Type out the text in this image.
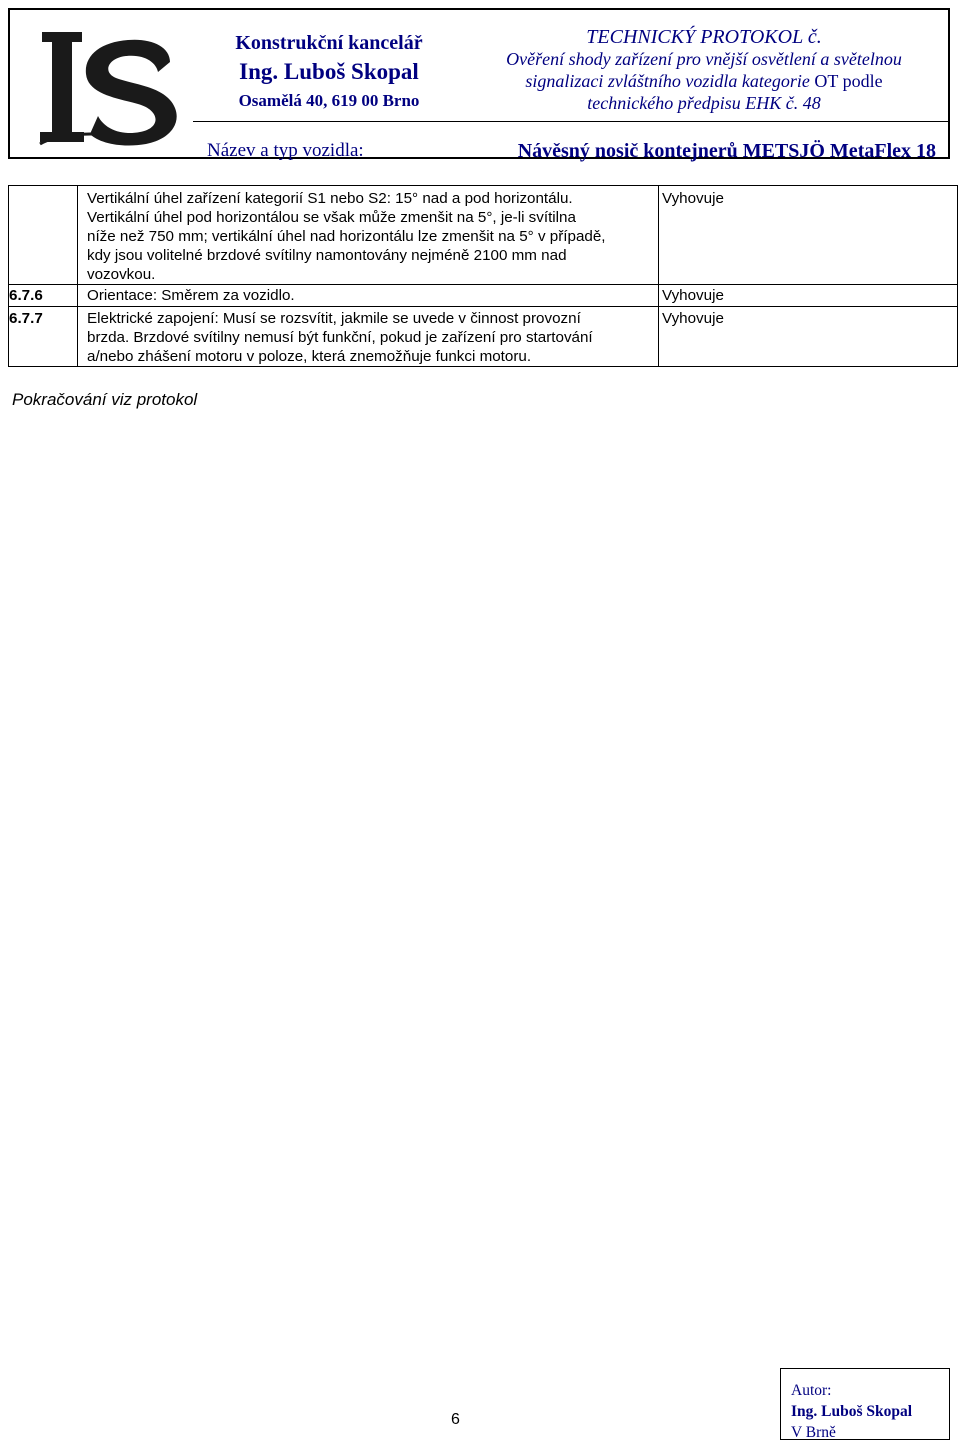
Konstrukční kancelář
Ing. Luboš Skopal
Osamělá 40, 619 00 Brno
TECHNICKÝ PROTOKOL č.
Ověření shody zařízení pro vnější osvětlení a světelnou
signalizaci zvláštního vozidla kategorie OT podle
technického předpisu EHK č. 48
Název a typ vozidla:	Návěsný nosič kontejnerů METSJÖ MetaFlex 18

	Vertikální úhel zařízení kategorií S1 nebo S2: 15° nad a pod horizontálu.
Vertikální úhel pod horizontálou se však může zmenšit na 5°, je-li svítilna
níže než 750 mm; vertikální úhel nad horizontálu lze zmenšit na 5° v případě,
kdy jsou volitelné brzdové svítilny namontovány nejméně 2100 mm nad
vozovkou.	Vyhovuje
6.7.6	Orientace: Směrem za vozidlo.	Vyhovuje
6.7.7	Elektrické zapojení: Musí se rozsvítit, jakmile se uvede v činnost provozní
brzda. Brzdové svítilny nemusí být funkční, pokud je zařízení pro startování
a/nebo zhášení motoru v poloze, která znemožňuje funkci motoru.	Vyhovuje
Pokračování viz protokol
6
Autor:
Ing. Luboš Skopal
V Brně
